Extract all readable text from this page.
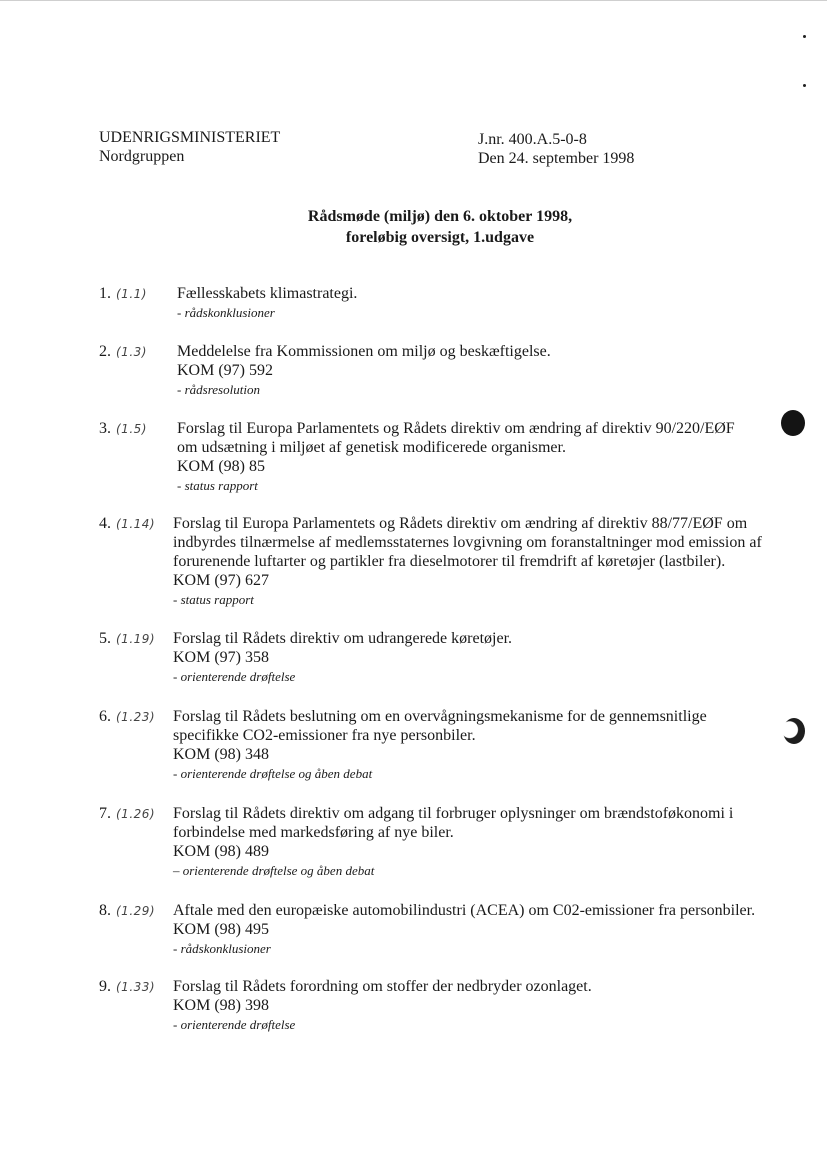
UDENRIGSMINISTERIET
Nordgruppen
J.nr. 400.A.5-0-8
Den 24. september 1998
Rådsmøde (miljø) den 6. oktober 1998,
foreløbig oversigt, 1.udgave
1. (1.1) Fællesskabets klimastrategi.
- rådskonklusioner
2. (1.3) Meddelelse fra Kommissionen om miljø og beskæftigelse.
KOM (97) 592
- rådsresolution
3. (1.5) Forslag til Europa Parlamentets og Rådets direktiv om ændring af direktiv 90/220/EØF
om udsætning i miljøet af genetisk modificerede organismer.
KOM (98) 85
- status rapport
4. (1.14) Forslag til Europa Parlamentets og Rådets direktiv om ændring af direktiv 88/77/EØF om
indbyrdes tilnærmelse af medlemsstaternes lovgivning om foranstaltninger mod emission af
forurenende luftarter og partikler fra dieselmotorer til fremdrift af køretøjer (lastbiler).
KOM (97) 627
- status rapport
5. (1.19) Forslag til Rådets direktiv om udrangerede køretøjer.
KOM (97) 358
- orienterende drøftelse
6. (1.23) Forslag til Rådets beslutning om en overvågningsmekanisme for de gennemsnitlige
specifikke CO2-emissioner fra nye personbiler.
KOM (98) 348
- orienterende drøftelse og åben debat
7. (1.26) Forslag til Rådets direktiv om adgang til forbruger oplysninger om brændstoføkonomi i
forbindelse med markedsføring af nye biler.
KOM (98) 489
– orienterende drøftelse og åben debat
8. (1.29) Aftale med den europæiske automobilindustri (ACEA) om C02-emissioner fra personbiler.
KOM (98) 495
- rådskonklusioner
9. (1.33) Forslag til Rådets forordning om stoffer der nedbryder ozonlaget.
KOM (98) 398
- orienterende drøftelse
